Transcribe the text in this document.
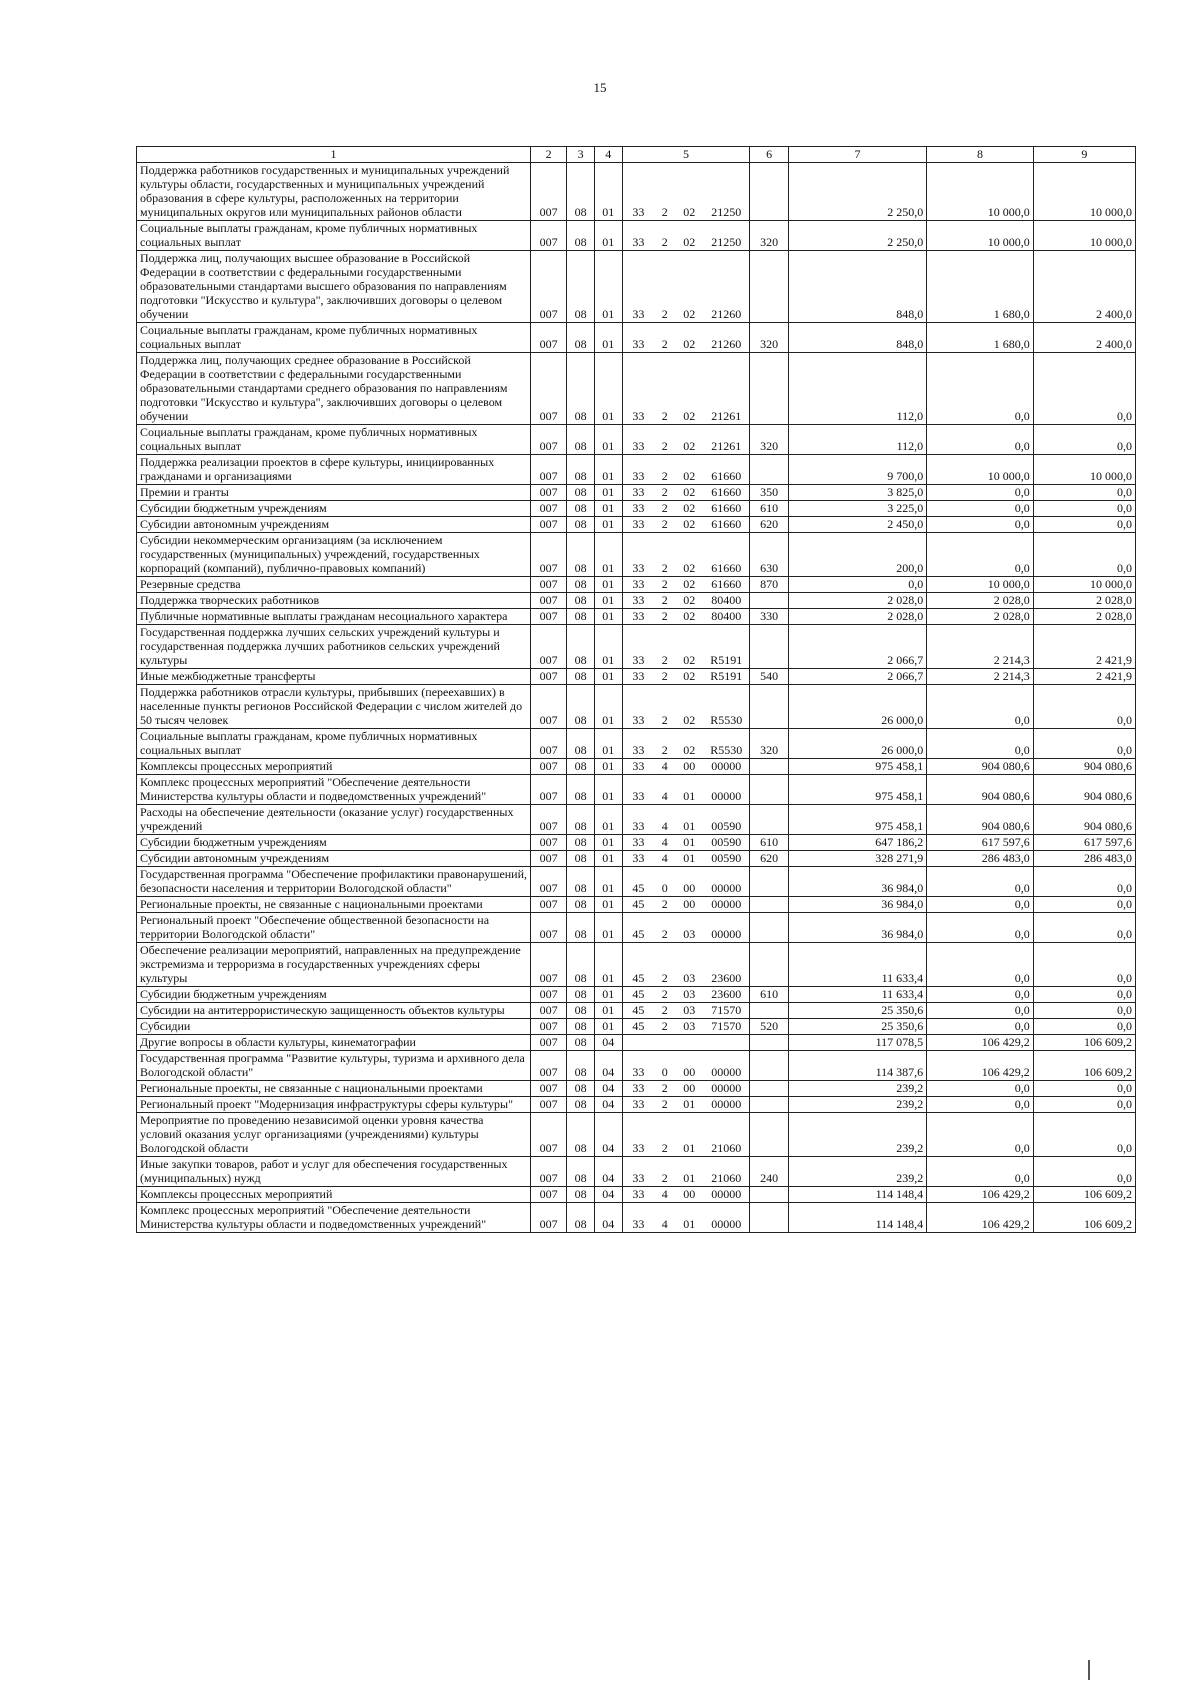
15
1	2	3	4	5				6	7	8	9
Поддержка работников государственных и муниципальных учреждений культуры области, государственных и муниципальных учреждений образования в сфере культуры, расположенных на территории муниципальных округов или муниципальных районов области	007	08	01	33	2	02	21250		2 250,0	10 000,0	10 000,0
Социальные выплаты гражданам, кроме публичных нормативных социальных выплат	007	08	01	33	2	02	21250	320	2 250,0	10 000,0	10 000,0
Поддержка лиц, получающих высшее образование в Российской Федерации в соответствии с федеральными государственными образовательными стандартами высшего образования по направлениям подготовки "Искусство и культура", заключивших договоры о целевом обучении	007	08	01	33	2	02	21260		848,0	1 680,0	2 400,0
Социальные выплаты гражданам, кроме публичных нормативных социальных выплат	007	08	01	33	2	02	21260	320	848,0	1 680,0	2 400,0
Поддержка лиц, получающих среднее образование в Российской Федерации в соответствии с федеральными государственными образовательными стандартами среднего образования по направлениям подготовки "Искусство и культура", заключивших договоры о целевом обучении	007	08	01	33	2	02	21261		112,0	0,0	0,0
Социальные выплаты гражданам, кроме публичных нормативных социальных выплат	007	08	01	33	2	02	21261	320	112,0	0,0	0,0
Поддержка реализации проектов в сфере культуры, инициированных гражданами и организациями	007	08	01	33	2	02	61660		9 700,0	10 000,0	10 000,0
Премии и гранты	007	08	01	33	2	02	61660	350	3 825,0	0,0	0,0
Субсидии бюджетным учреждениям	007	08	01	33	2	02	61660	610	3 225,0	0,0	0,0
Субсидии автономным учреждениям	007	08	01	33	2	02	61660	620	2 450,0	0,0	0,0
Субсидии некоммерческим организациям (за исключением государственных (муниципальных) учреждений, государственных корпораций (компаний), публично-правовых компаний)	007	08	01	33	2	02	61660	630	200,0	0,0	0,0
Резервные средства	007	08	01	33	2	02	61660	870	0,0	10 000,0	10 000,0
Поддержка творческих работников	007	08	01	33	2	02	80400		2 028,0	2 028,0	2 028,0
Публичные нормативные выплаты гражданам несоциального характера	007	08	01	33	2	02	80400	330	2 028,0	2 028,0	2 028,0
Государственная поддержка лучших сельских учреждений культуры и государственная поддержка лучших работников сельских учреждений культуры	007	08	01	33	2	02	R5191		2 066,7	2 214,3	2 421,9
Иные межбюджетные трансферты	007	08	01	33	2	02	R5191	540	2 066,7	2 214,3	2 421,9
Поддержка работников отрасли культуры, прибывших (переехавших) в населенные пункты регионов Российской Федерации с числом жителей до 50 тысяч человек	007	08	01	33	2	02	R5530		26 000,0	0,0	0,0
Социальные выплаты гражданам, кроме публичных нормативных социальных выплат	007	08	01	33	2	02	R5530	320	26 000,0	0,0	0,0
Комплексы процессных мероприятий	007	08	01	33	4	00	00000		975 458,1	904 080,6	904 080,6
Комплекс процессных мероприятий "Обеспечение деятельности Министерства культуры области и подведомственных учреждений"	007	08	01	33	4	01	00000		975 458,1	904 080,6	904 080,6
Расходы на обеспечение деятельности (оказание услуг) государственных учреждений	007	08	01	33	4	01	00590		975 458,1	904 080,6	904 080,6
Субсидии бюджетным учреждениям	007	08	01	33	4	01	00590	610	647 186,2	617 597,6	617 597,6
Субсидии автономным учреждениям	007	08	01	33	4	01	00590	620	328 271,9	286 483,0	286 483,0
Государственная программа "Обеспечение профилактики правонарушений, безопасности населения и территории Вологодской области"	007	08	01	45	0	00	00000		36 984,0	0,0	0,0
Региональные проекты, не связанные с национальными проектами	007	08	01	45	2	00	00000		36 984,0	0,0	0,0
Региональный проект "Обеспечение общественной безопасности на территории Вологодской области"	007	08	01	45	2	03	00000		36 984,0	0,0	0,0
Обеспечение реализации мероприятий, направленных на предупреждение экстремизма и терроризма в государственных учреждениях сферы культуры	007	08	01	45	2	03	23600		11 633,4	0,0	0,0
Субсидии бюджетным учреждениям	007	08	01	45	2	03	23600	610	11 633,4	0,0	0,0
Субсидии на антитеррористическую защищенность объектов культуры	007	08	01	45	2	03	71570		25 350,6	0,0	0,0
Субсидии	007	08	01	45	2	03	71570	520	25 350,6	0,0	0,0
Другие вопросы в области культуры, кинематографии	007	08	04						117 078,5	106 429,2	106 609,2
Государственная программа "Развитие культуры, туризма и архивного дела Вологодской области"	007	08	04	33	0	00	00000		114 387,6	106 429,2	106 609,2
Региональные проекты, не связанные с национальными проектами	007	08	04	33	2	00	00000		239,2	0,0	0,0
Региональный проект "Модернизация инфраструктуры сферы культуры"	007	08	04	33	2	01	00000		239,2	0,0	0,0
Мероприятие по проведению независимой оценки уровня качества условий оказания услуг организациями (учреждениями) культуры Вологодской области	007	08	04	33	2	01	21060		239,2	0,0	0,0
Иные закупки товаров, работ и услуг для обеспечения государственных (муниципальных) нужд	007	08	04	33	2	01	21060	240	239,2	0,0	0,0
Комплексы процессных мероприятий	007	08	04	33	4	00	00000		114 148,4	106 429,2	106 609,2
Комплекс процессных мероприятий "Обеспечение деятельности Министерства культуры области и подведомственных учреждений"	007	08	04	33	4	01	00000		114 148,4	106 429,2	106 609,2
